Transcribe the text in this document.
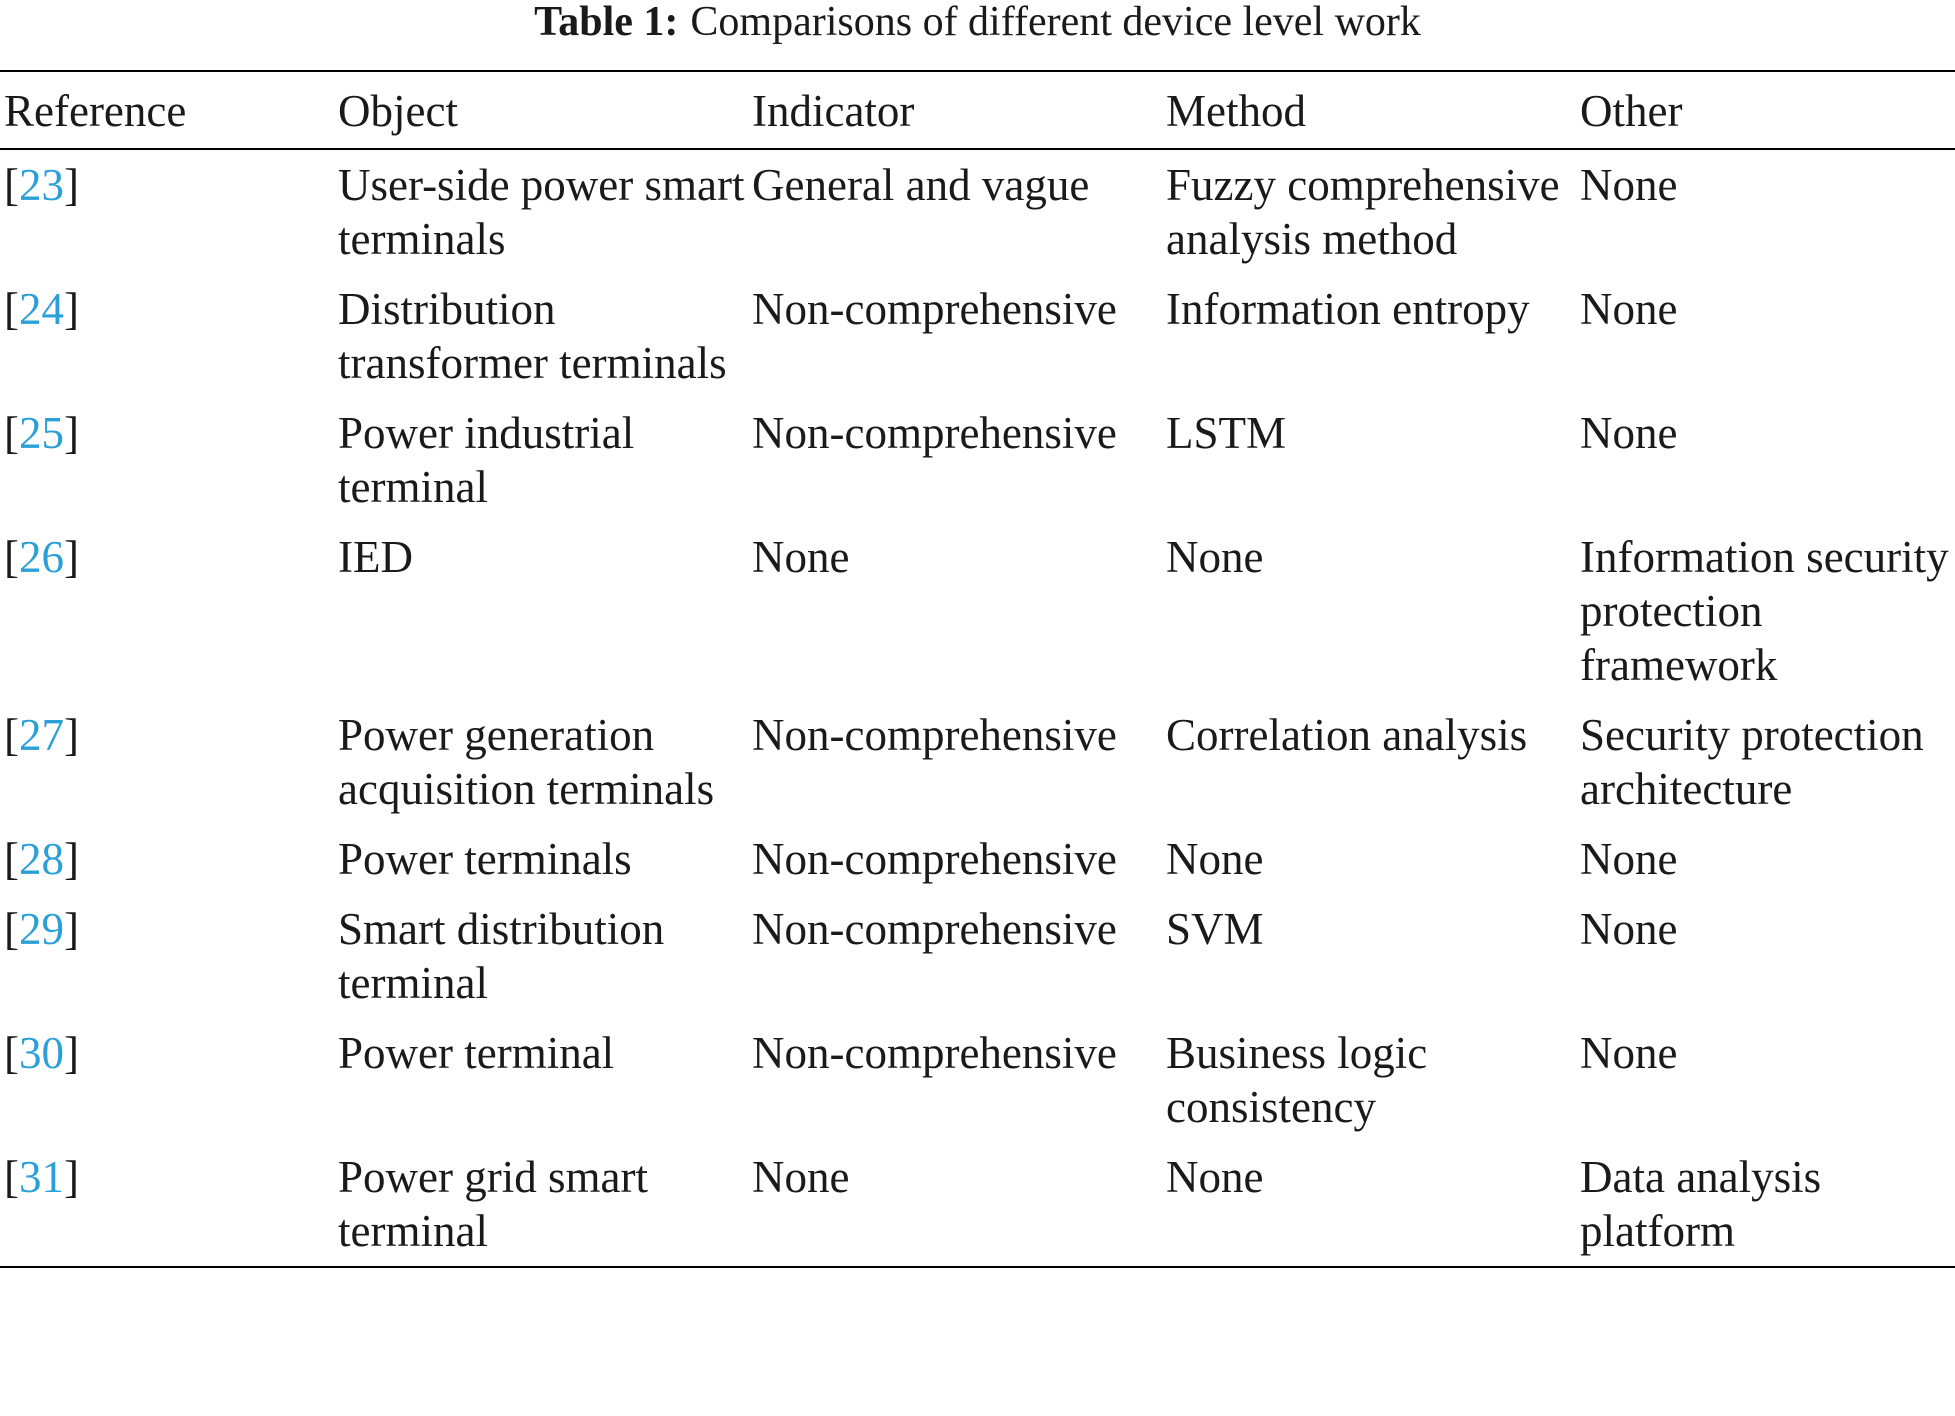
Table 1: Comparisons of different device level work
Reference	Object	Indicator	Method	Other
[23]	User-side power smart terminals	General and vague	Fuzzy comprehensive analysis method	None
[24]	Distribution transformer terminals	Non-comprehensive	Information entropy	None
[25]	Power industrial terminal	Non-comprehensive	LSTM	None
[26]	IED	None	None	Information security protection framework
[27]	Power generation acquisition terminals	Non-comprehensive	Correlation analysis	Security protection architecture
[28]	Power terminals	Non-comprehensive	None	None
[29]	Smart distribution terminal	Non-comprehensive	SVM	None
[30]	Power terminal	Non-comprehensive	Business logic consistency	None
[31]	Power grid smart terminal	None	None	Data analysis platform
